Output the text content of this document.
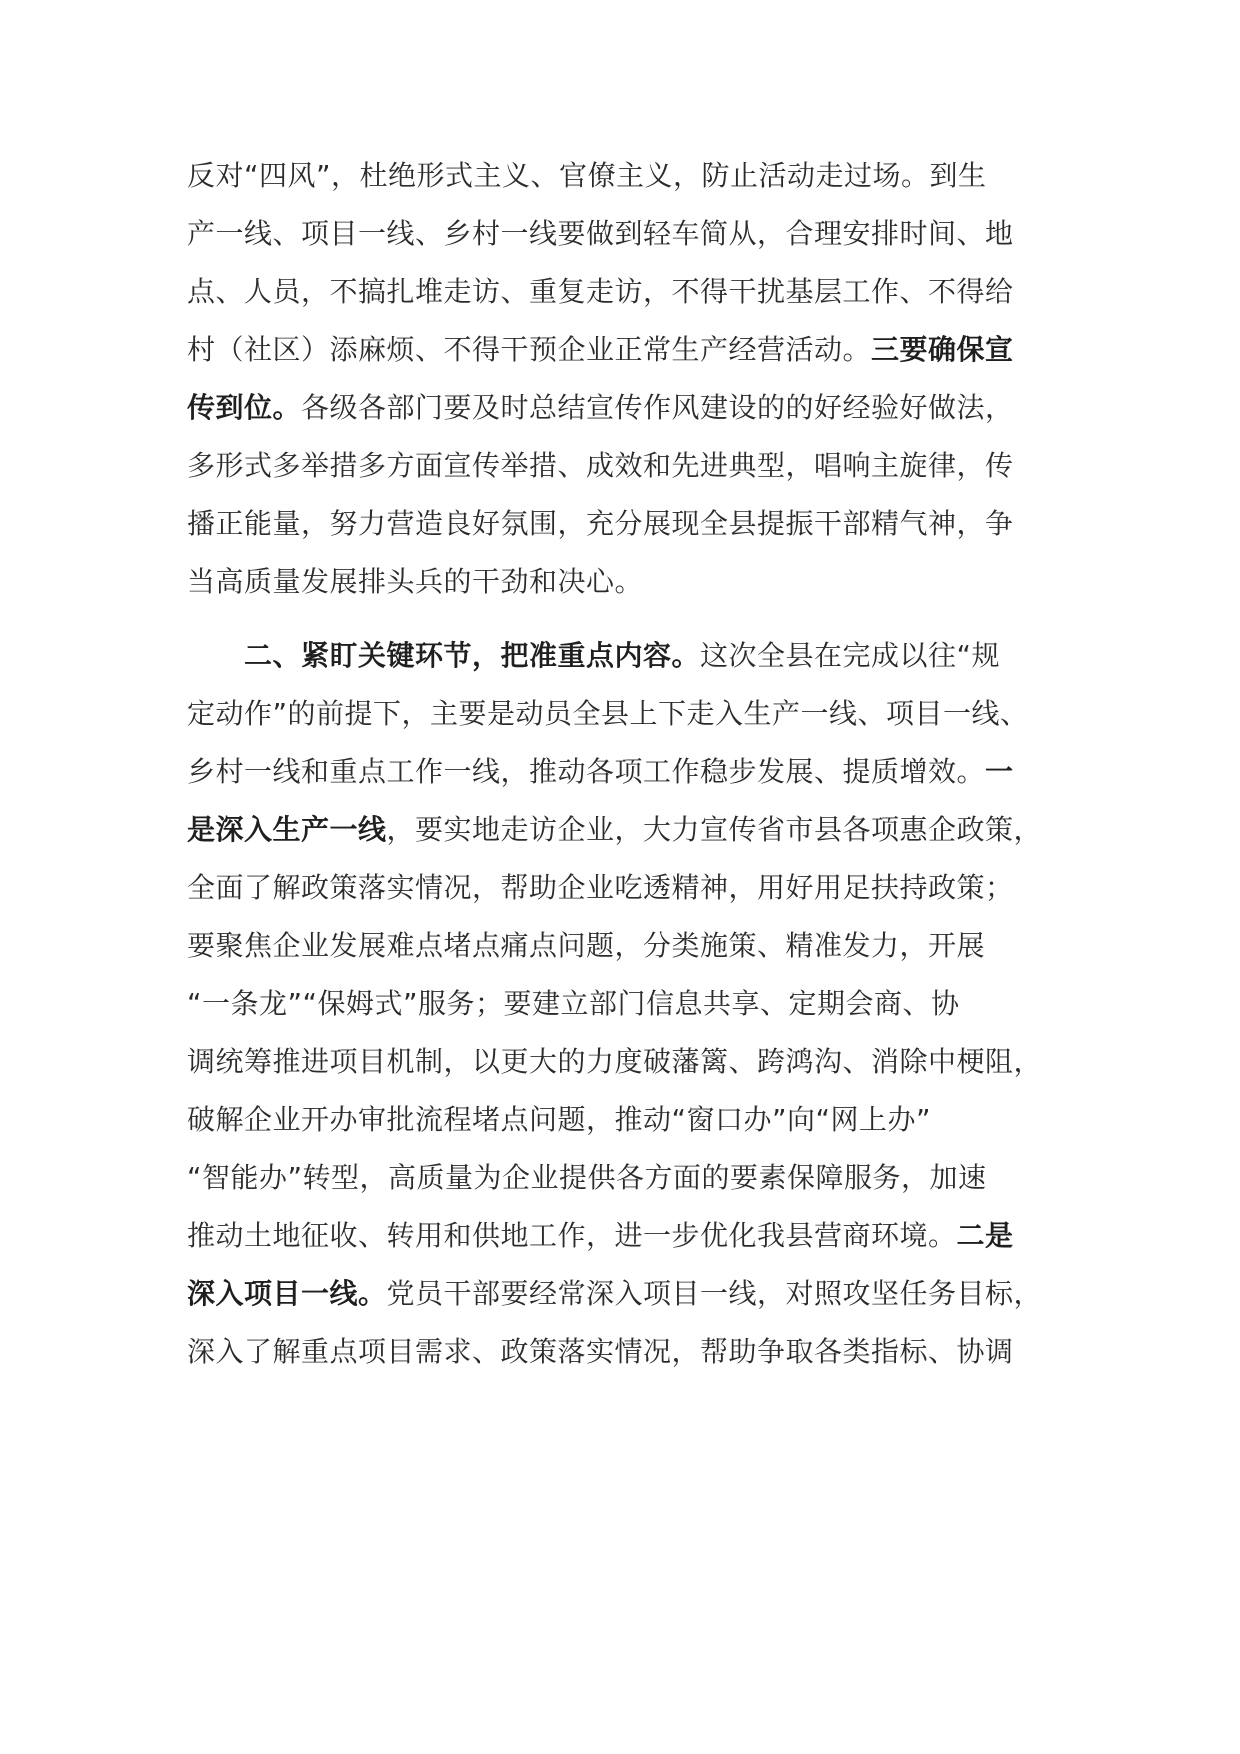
反对“四风”，杜绝形式主义、官僚主义，防止活动走过场。到生
产一线、项目一线、乡村一线要做到轻车简从，合理安排时间、地
点、人员，不搞扎堆走访、重复走访，不得干扰基层工作、不得给
村（社区）添麻烦、不得干预企业正常生产经营活动。三要确保宣
传到位。各级各部门要及时总结宣传作风建设的的好经验好做法，
多形式多举措多方面宣传举措、成效和先进典型，唱响主旋律，传
播正能量，努力营造良好氛围，充分展现全县提振干部精气神，争
当高质量发展排头兵的干劲和决心。
　　二、紧盯关键环节，把准重点内容。这次全县在完成以往“规
定动作”的前提下，主要是动员全县上下走入生产一线、项目一线、
乡村一线和重点工作一线，推动各项工作稳步发展、提质增效。一
是深入生产一线，要实地走访企业，大力宣传省市县各项惠企政策，
全面了解政策落实情况，帮助企业吃透精神，用好用足扶持政策；
要聚焦企业发展难点堵点痛点问题，分类施策、精准发力，开展
“一条龙”“保姆式”服务；要建立部门信息共享、定期会商、协
调统筹推进项目机制，以更大的力度破藩篱、跨鸿沟、消除中梗阻，
破解企业开办审批流程堵点问题，推动“窗口办”向“网上办”
“智能办”转型，高质量为企业提供各方面的要素保障服务，加速
推动土地征收、转用和供地工作，进一步优化我县营商环境。二是
深入项目一线。党员干部要经常深入项目一线，对照攻坚任务目标，
深入了解重点项目需求、政策落实情况，帮助争取各类指标、协调
